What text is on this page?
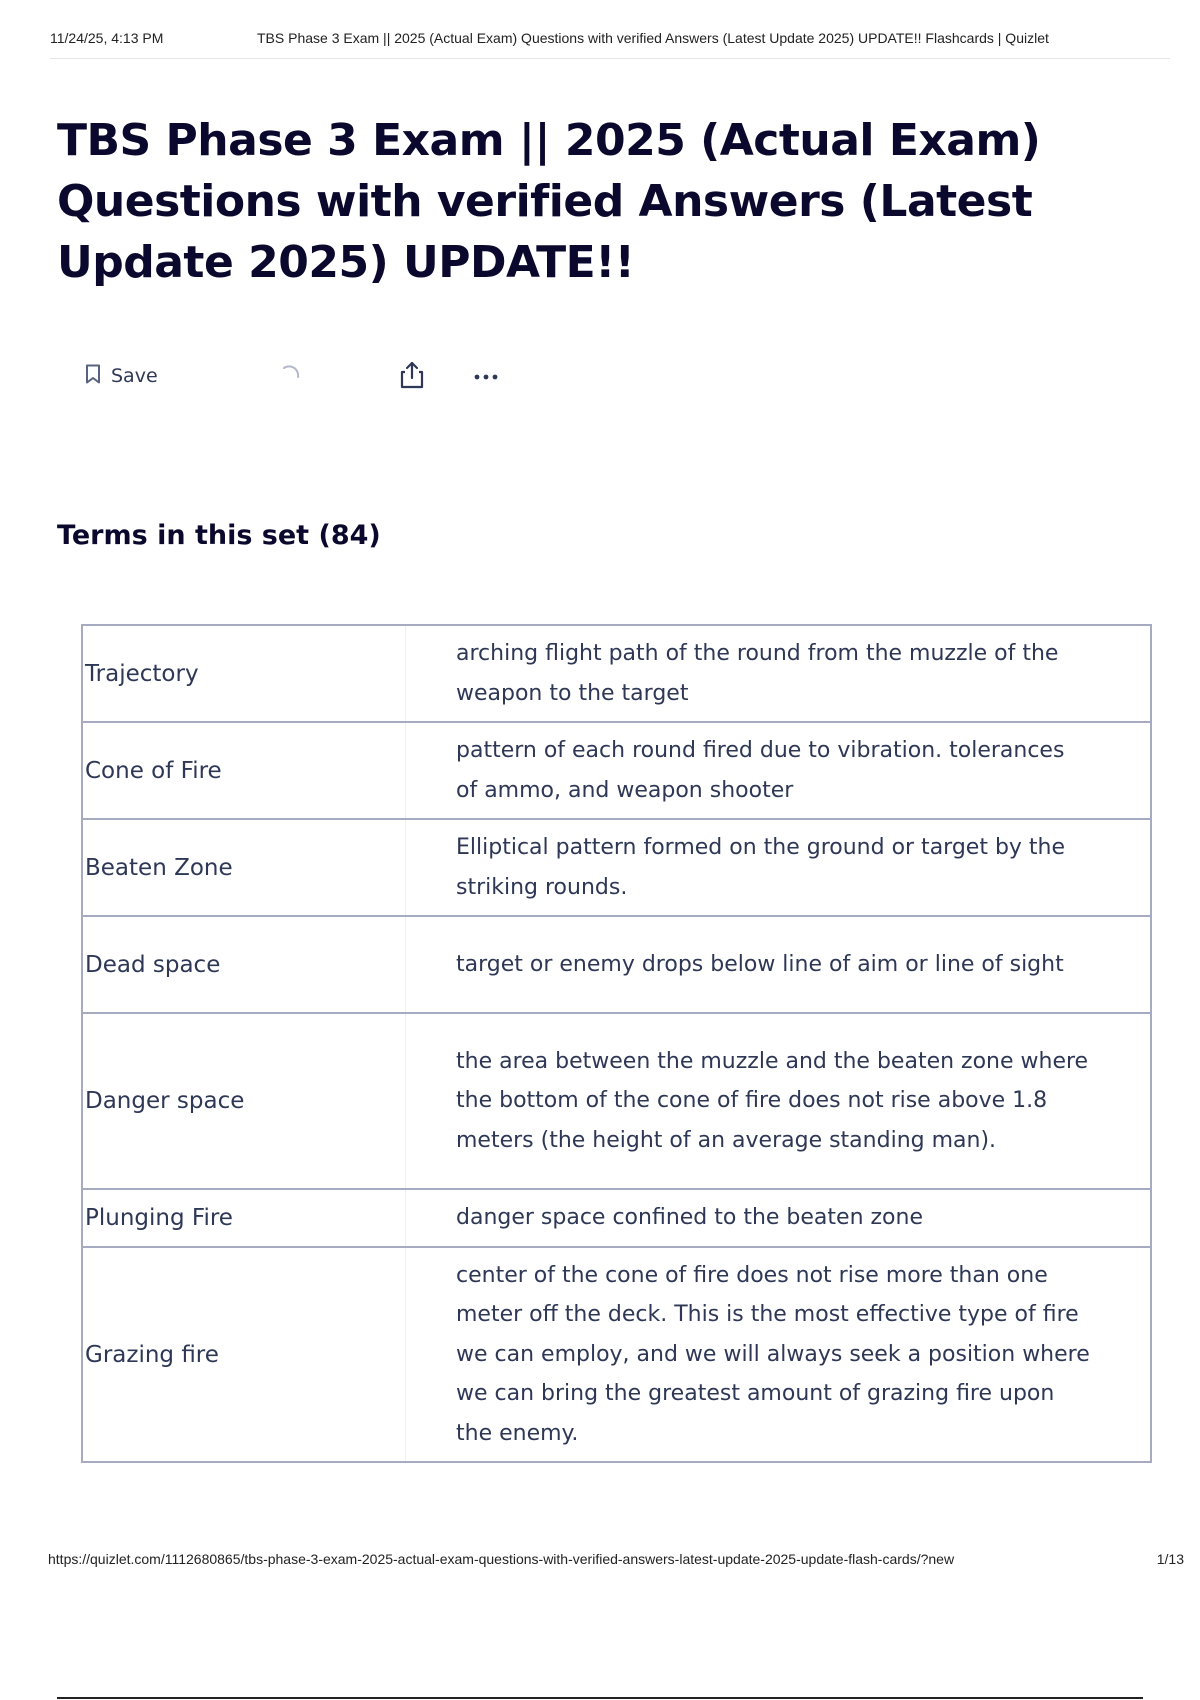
11/24/25, 4:13 PM	TBS Phase 3 Exam || 2025 (Actual Exam) Questions with verified Answers (Latest Update 2025) UPDATE!! Flashcards | Quizlet
TBS Phase 3 Exam || 2025 (Actual Exam) Questions with verified Answers (Latest Update 2025) UPDATE!!
Save
Terms in this set (84)
Trajectory	arching flight path of the round from the muzzle of the weapon to the target
Cone of Fire	pattern of each round fired due to vibration. tolerances of ammo, and weapon shooter
Beaten Zone	Elliptical pattern formed on the ground or target by the striking rounds.
Dead space	target or enemy drops below line of aim or line of sight
Danger space	the area between the muzzle and the beaten zone where the bottom of the cone of fire does not rise above 1.8 meters (the height of an average standing man).
Plunging Fire	danger space confined to the beaten zone
Grazing fire	center of the cone of fire does not rise more than one meter off the deck. This is the most effective type of fire we can employ, and we will always seek a position where we can bring the greatest amount of grazing fire upon the enemy.
https://quizlet.com/1112680865/tbs-phase-3-exam-2025-actual-exam-questions-with-verified-answers-latest-update-2025-update-flash-cards/?new	1/13
